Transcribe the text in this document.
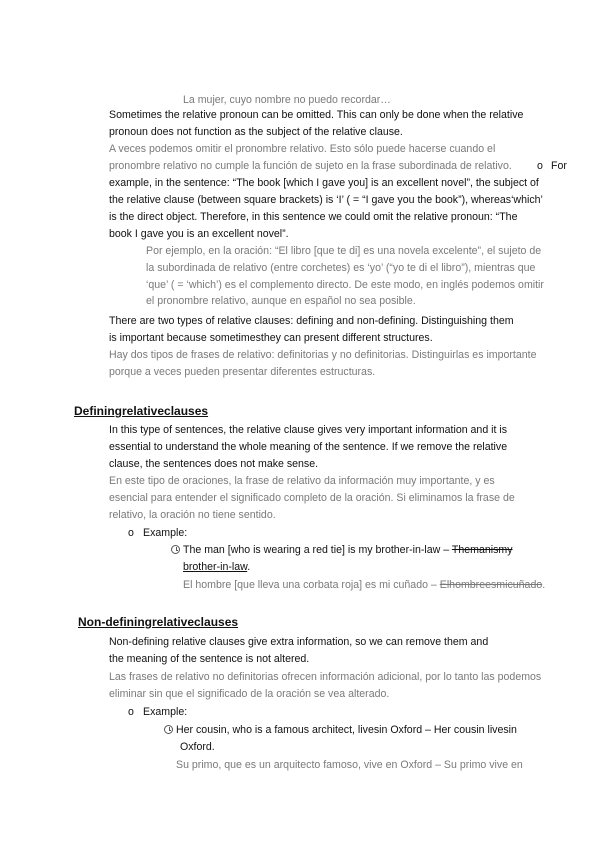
La mujer, cuyo nombre no puedo recordar…
Sometimes the relative pronoun can be omitted. This can only be done when the relative
pronoun does not function as the subject of the relative clause.
A veces podemos omitir el pronombre relativo. Esto sólo puede hacerse cuando el
pronombre relativo no cumple la función de sujeto en la frase subordinada de relativo. o For
example, in the sentence: “The book [which I gave you] is an excellent novel”, the subject of
the relative clause (between square brackets) is ‘I’ ( = “I gave you the book”), whereas‘which’
is the direct object. Therefore, in this sentence we could omit the relative pronoun: “The
book I gave you is an excellent novel”.
Por ejemplo, en la oración: “El libro [que te di] es una novela excelente”, el sujeto de
la subordinada de relativo (entre corchetes) es ‘yo’ (“yo te di el libro”), mientras que
‘que’ ( = ‘which’) es el complemento directo. De este modo, en inglés podemos omitir
el pronombre relativo, aunque en español no sea posible.
There are two types of relative clauses: defining and non-defining. Distinguishing them
is important because sometimesthey can present different structures.
Hay dos tipos de frases de relativo: definitorias y no definitorias. Distinguirlas es importante
porque a veces pueden presentar diferentes estructuras.
Definingrelativeclauses
In this type of sentences, the relative clause gives very important information and it is
essential to understand the whole meaning of the sentence. If we remove the relative
clause, the sentences does not make sense.
En este tipo de oraciones, la frase de relativo da información muy importante, y es
esencial para entender el significado completo de la oración. Si eliminamos la frase de
relativo, la oración no tiene sentido.
o Example:
The man [who is wearing a red tie] is my brother-in-law – Themanismy
brother-in-law.
El hombre [que lleva una corbata roja] es mi cuñado – Elhombreesmicuñado.
Non-definingrelativeclauses
Non-defining relative clauses give extra information, so we can remove them and
the meaning of the sentence is not altered.
Las frases de relativo no definitorias ofrecen información adicional, por lo tanto las podemos
eliminar sin que el significado de la oración se vea alterado.
o Example:
Her cousin, who is a famous architect, livesin Oxford – Her cousin livesin
Oxford.
Su primo, que es un arquitecto famoso, vive en Oxford – Su primo vive en
